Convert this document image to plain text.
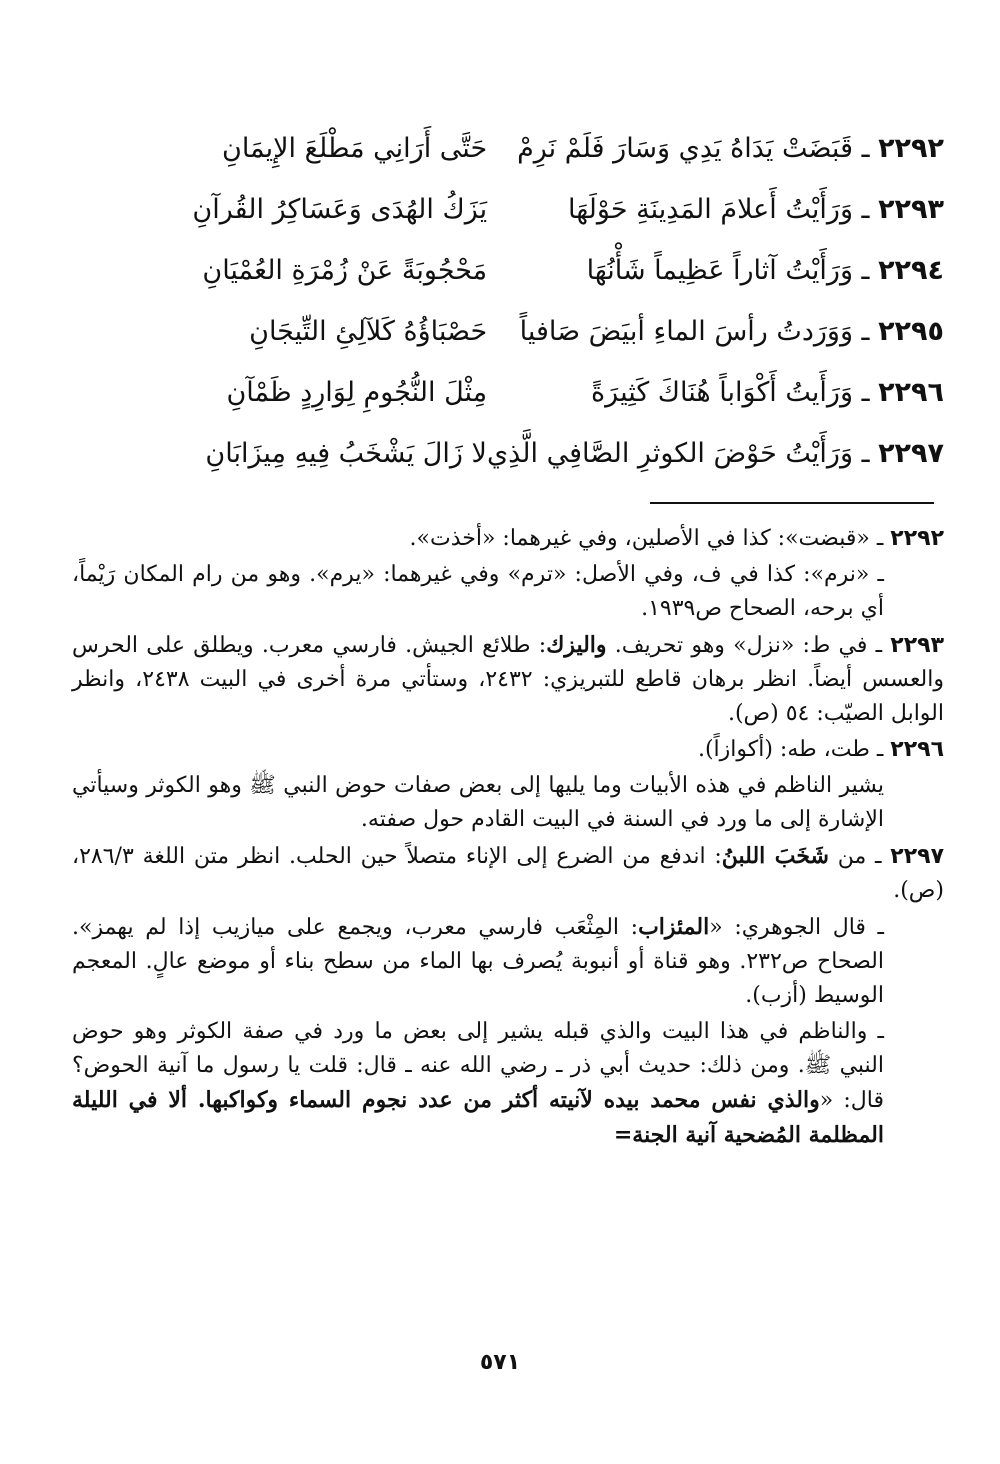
٢٢٩٢ ـ قَبَضَتْ يَدَاهُ يَدِي وَسَارَ فَلَمْ نَرِمْ
حَتَّى أَرَانِي مَطْلَعَ الإِيمَانِ
٢٢٩٣ ـ وَرَأَيْتُ أَعلامَ المَدِينَةِ حَوْلَهَا
يَزَكُ الهُدَى وَعَسَاكِرُ القُرآنِ
٢٢٩٤ ـ وَرَأَيْتُ آثاراً عَظِيماً شَأْنُهَا
مَحْجُوبَةً عَنْ زُمْرَةِ العُمْيَانِ
٢٢٩٥ ـ وَوَرَدتُ رأسَ الماءِ أبيَضَ صَافياً
حَصْبَاؤُهُ كَلآلِئِ التِّيجَانِ
٢٢٩٦ ـ وَرَأَيتُ أَكْوَاباً هُنَاكَ كَثِيرَةً
مِثْلَ النُّجُومِ لِوَارِدٍ ظَمْآنِ
٢٢٩٧ ـ وَرَأَيْتُ حَوْضَ الكوثرِ الصَّافِي الَّذِي
لا زَالَ يَشْخَبُ فِيهِ مِيزَابَانِ

٢٢٩٢ ـ «قبضت»: كذا في الأصلين، وفي غيرهما: «أخذت».

ـ «نرم»: كذا في ف، وفي الأصل: «ترم» وفي غيرهما: «يرم». وهو من رام المكان رَيْماً، أي برحه، الصحاح ص١٩٣٩.

٢٢٩٣ ـ في ط: «نزل» وهو تحريف. واليزك: طلائع الجيش. فارسي معرب. ويطلق على الحرس والعسس أيضاً. انظر برهان قاطع للتبريزي: ٢٤٣٢، وستأتي مرة أخرى في البيت ٢٤٣٨، وانظر الوابل الصيّب: ٥٤ (ص).

٢٢٩٦ ـ طت، طه: (أكوازاً).

يشير الناظم في هذه الأبيات وما يليها إلى بعض صفات حوض النبي ﷺ وهو الكوثر وسيأتي الإشارة إلى ما ورد في السنة في البيت القادم حول صفته.

٢٢٩٧ ـ من شَخَبَ اللبنُ: اندفع من الضرع إلى الإناء متصلاً حين الحلب. انظر متن اللغة ٢٨٦/٣، (ص).

ـ قال الجوهري: «المئزاب: المِثْعَب فارسي معرب، ويجمع على ميازيب إذا لم يهمز». الصحاح ص٢٣٢. وهو قناة أو أنبوبة يُصرف بها الماء من سطح بناء أو موضع عالٍ. المعجم الوسيط (أزب).

ـ والناظم في هذا البيت والذي قبله يشير إلى بعض ما ورد في صفة الكوثر وهو حوض النبي ﷺ. ومن ذلك: حديث أبي ذر ـ رضي الله عنه ـ قال: قلت يا رسول ما آنية الحوض؟ قال: «والذي نفس محمد بيده لآنيته أكثر من عدد نجوم السماء وكواكبها. ألا في الليلة المظلمة المُضحية آنية الجنة=

٥٧١
